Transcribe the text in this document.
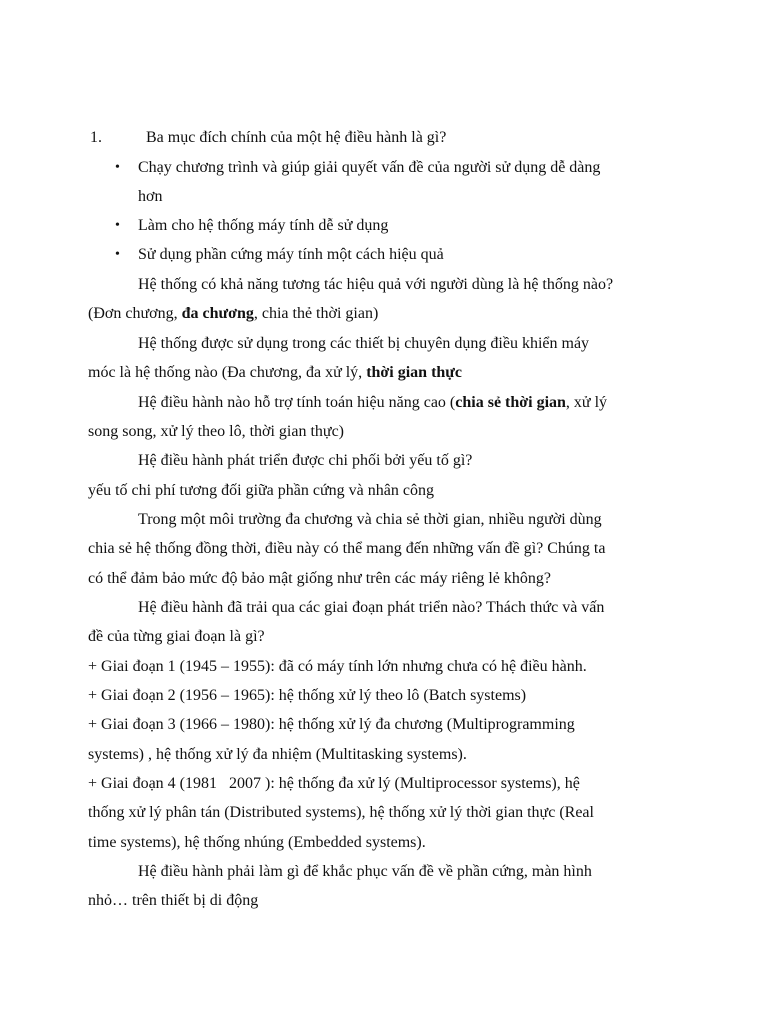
1.	Ba mục đích chính của một hệ điều hành là gì?
• Chạy chương trình và giúp giải quyết vấn đề của người sử dụng dễ dàng
hơn
• Làm cho hệ thống máy tính dễ sử dụng
• Sử dụng phần cứng máy tính một cách hiệu quả
Hệ thống có khả năng tương tác hiệu quả với người dùng là hệ thống nào?
(Đơn chương, đa chương, chia thẻ thời gian)
Hệ thống được sử dụng trong các thiết bị chuyên dụng điều khiển máy
móc là hệ thống nào (Đa chương, đa xử lý, thời gian thực
Hệ điều hành nào hỗ trợ tính toán hiệu năng cao (chia sẻ thời gian, xử lý
song song, xử lý theo lô, thời gian thực)
Hệ điều hành phát triển được chi phối bởi yếu tố gì?
yếu tố chi phí tương đối giữa phần cứng và nhân công
Trong một môi trường đa chương và chia sẻ thời gian, nhiều người dùng
chia sẻ hệ thống đồng thời, điều này có thể mang đến những vấn đề gì? Chúng ta
có thể đảm bảo mức độ bảo mật giống như trên các máy riêng lẻ không?
Hệ điều hành đã trải qua các giai đoạn phát triển nào? Thách thức và vấn
đề của từng giai đoạn là gì?
+ Giai đoạn 1 (1945 – 1955): đã có máy tính lớn nhưng chưa có hệ điều hành.
+ Giai đoạn 2 (1956 – 1965): hệ thống xử lý theo lô (Batch systems)
+ Giai đoạn 3 (1966 – 1980): hệ thống xử lý đa chương (Multiprogramming
systems) , hệ thống xử lý đa nhiệm (Multitasking systems).
+ Giai đoạn 4 (1981   2007 ): hệ thống đa xử lý (Multiprocessor systems), hệ
thống xử lý phân tán (Distributed systems), hệ thống xử lý thời gian thực (Real
time systems), hệ thống nhúng (Embedded systems).
Hệ điều hành phải làm gì để khắc phục vấn đề về phần cứng, màn hình
nhỏ… trên thiết bị di động
